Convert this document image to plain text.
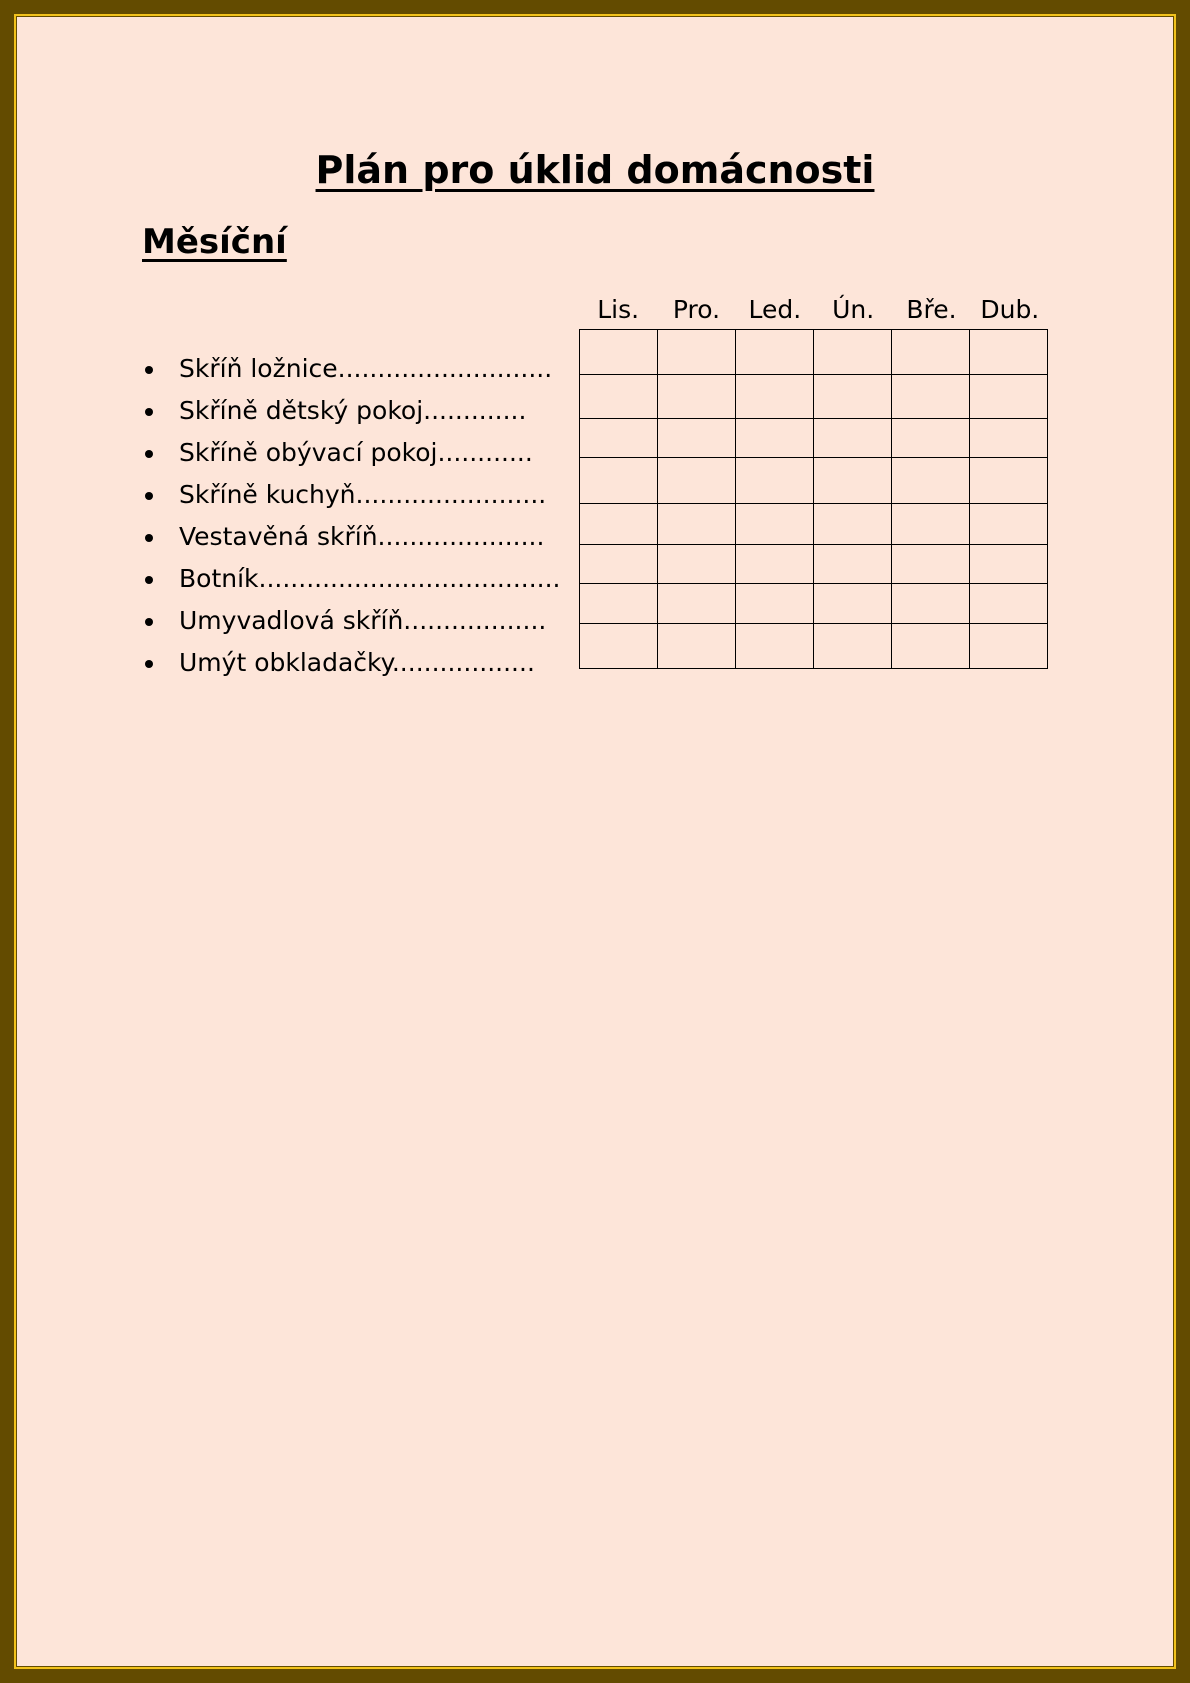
Plán pro úklid domácnosti
Měsíční
Lis.	Pro.	Led.	Ún.	Bře. Dub.
Skříň ložnice...........................
Skříně dětský pokoj.............
Skříně obývací pokoj............
Skříně kuchyň........................
Vestavěná skříň.....................
Botník......................................
Umyvadlová skříň..................
Umýt obkladačky..................
